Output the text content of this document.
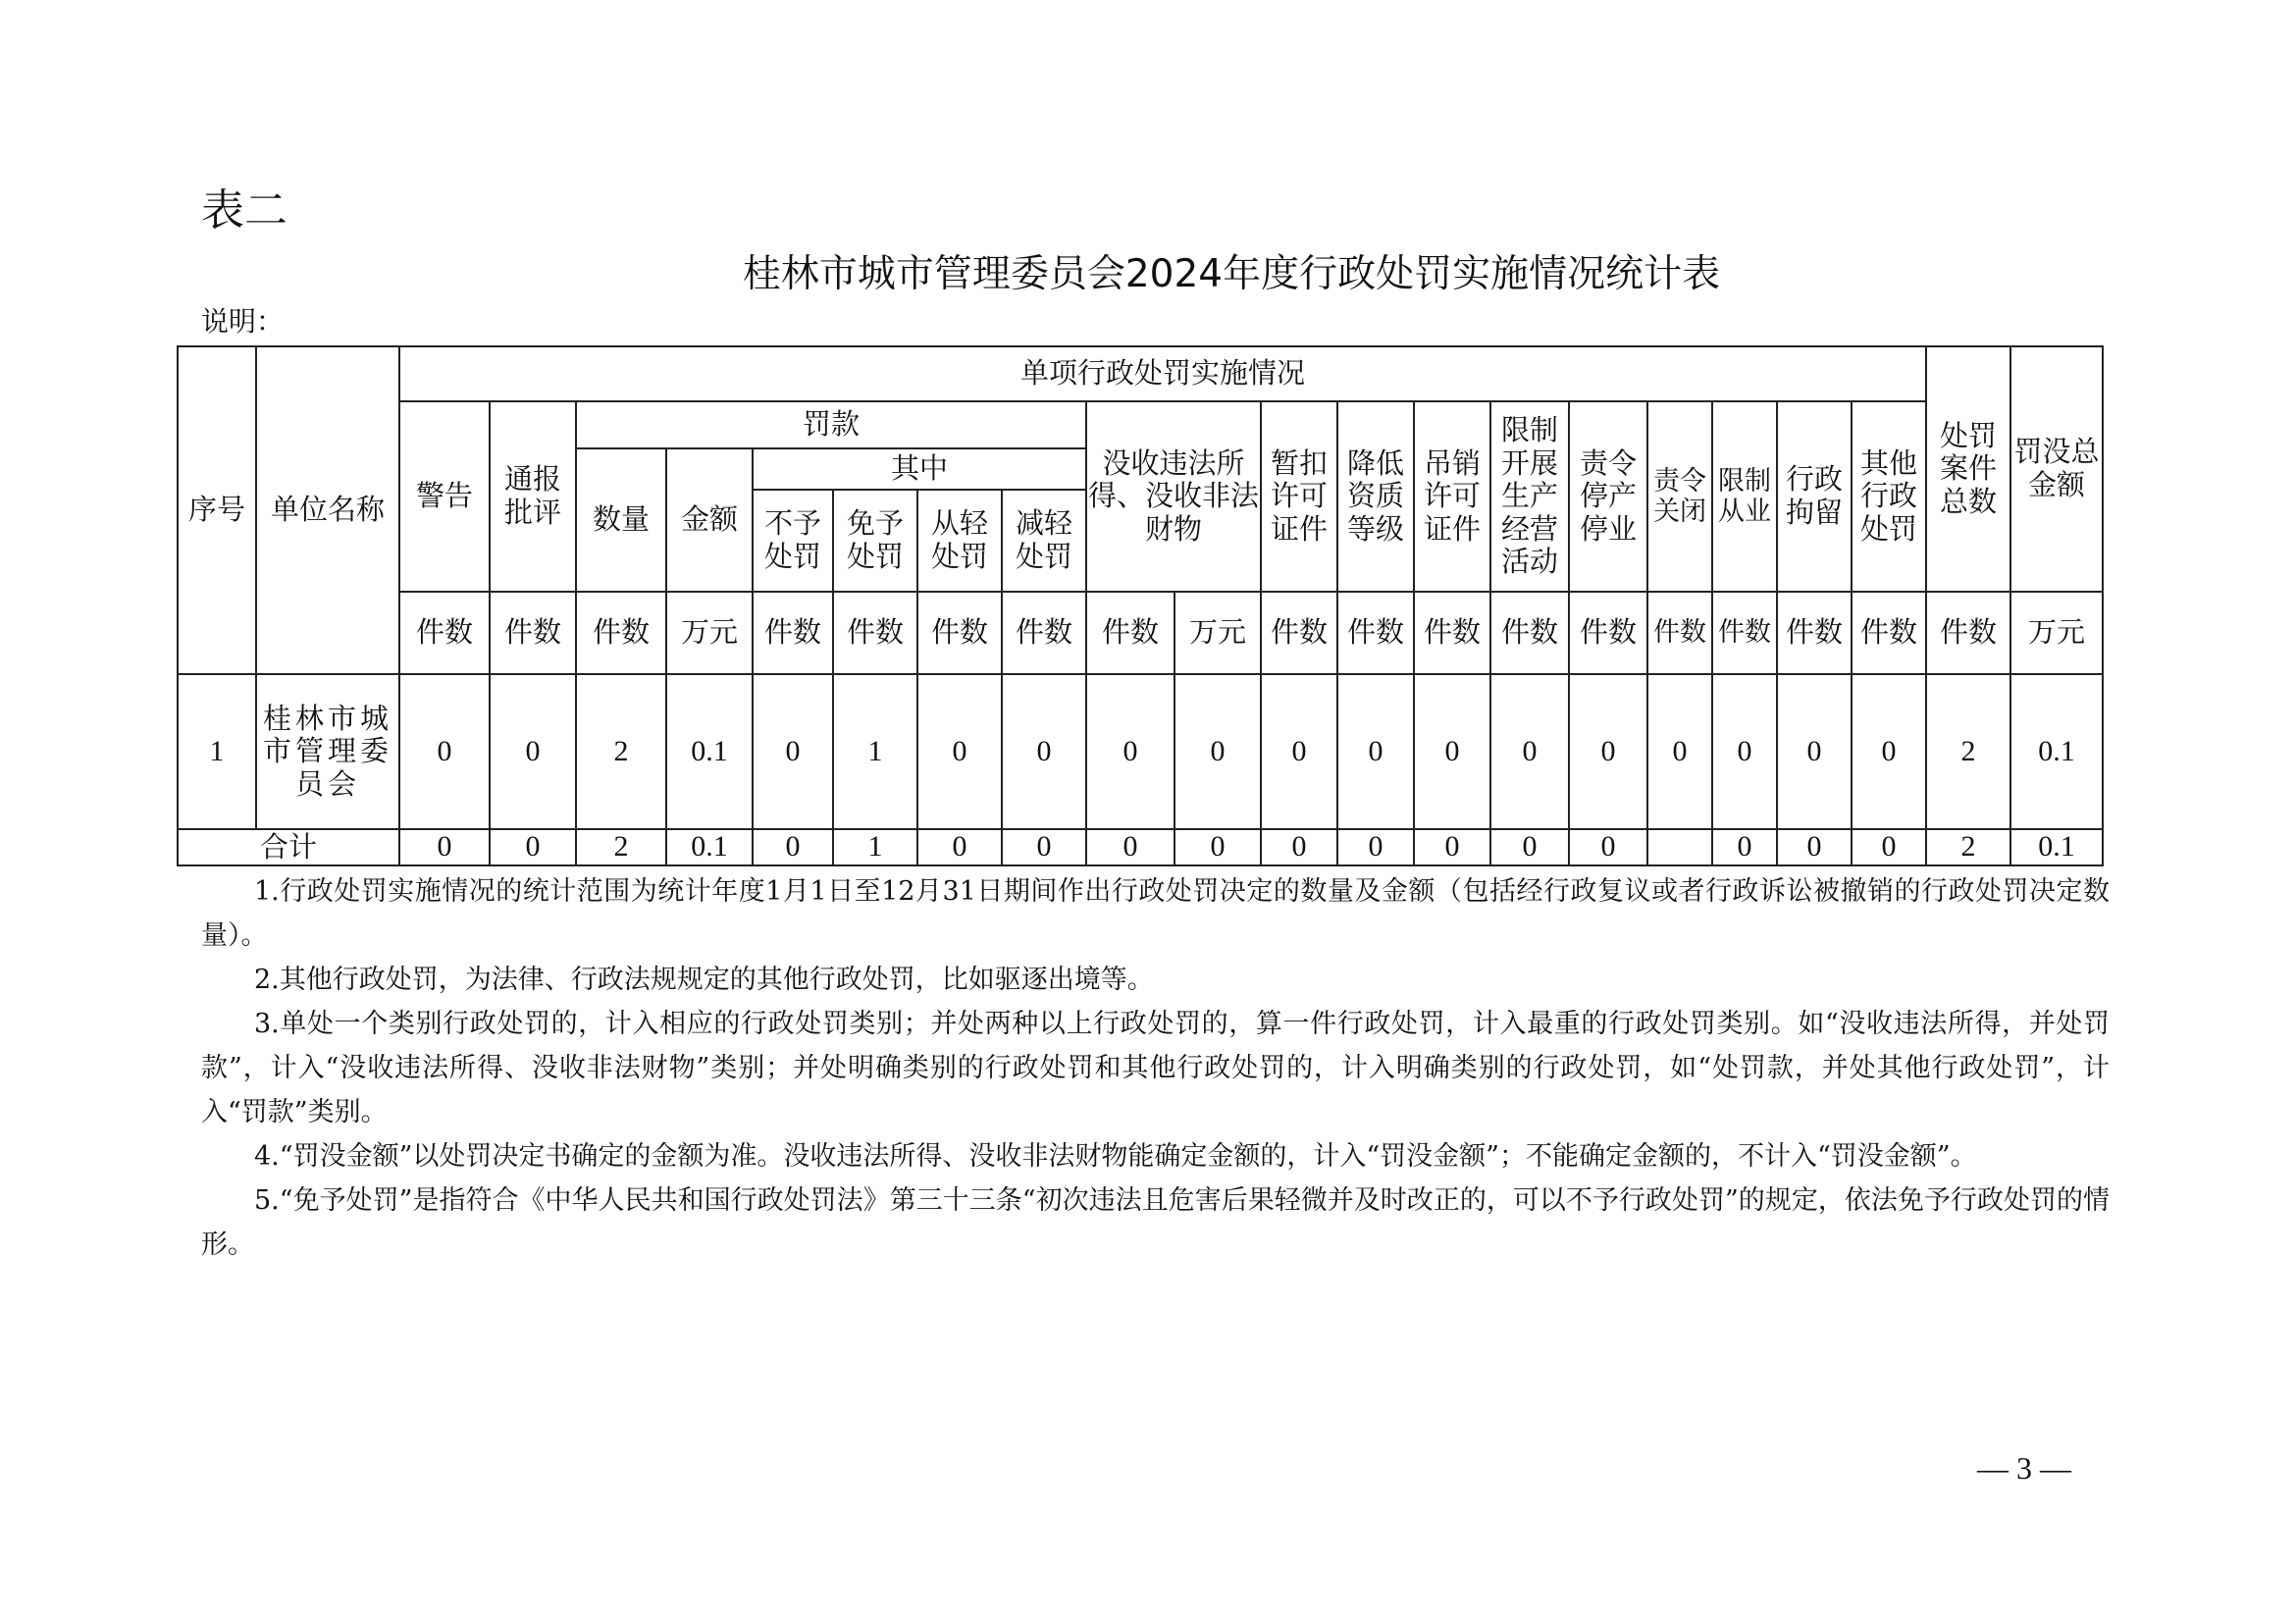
表二
桂林市城市管理委员会2024年度行政处罚实施情况统计表
说明：
序号	单位名称	单项行政处罚实施情况																			处罚案件总数	罚没总金额
		警告	通报批评	罚款						没收违法所得、没收非法财物		暂扣许可证件	降低资质等级	吊销许可证件	限制开展生产经营活动	责令停产停业	责令关闭	限制从业	行政拘留	其他行政处罚		
				数量	金额	其中																
						不予处罚	免予处罚	从轻处罚	减轻处罚													
		件数	件数	件数	万元	件数	件数	件数	件数	件数	万元	件数	件数	件数	件数	件数	件数	件数	件数	件数	件数	万元
1	桂林市城市管理委员会	0	0	2	0.1	0	1	0	0	0	0	0	0	0	0	0	0	0	0	0	2	0.1
合计		0	0	2	0.1	0	1	0	0	0	0	0	0	0	0	0		0	0	0	2	0.1

1.行政处罚实施情况的统计范围为统计年度1月1日至12月31日期间作出行政处罚决定的数量及金额（包括经行政复议或者行政诉讼被撤销的行政处罚决定数量）。

2.其他行政处罚，为法律、行政法规规定的其他行政处罚，比如驱逐出境等。

3.单处一个类别行政处罚的，计入相应的行政处罚类别；并处两种以上行政处罚的，算一件行政处罚，计入最重的行政处罚类别。如“没收违法所得，并处罚款”，计入“没收违法所得、没收非法财物”类别；并处明确类别的行政处罚和其他行政处罚的，计入明确类别的行政处罚，如“处罚款，并处其他行政处罚”，计入“罚款”类别。

4.“罚没金额”以处罚决定书确定的金额为准。没收违法所得、没收非法财物能确定金额的，计入“罚没金额”；不能确定金额的，不计入“罚没金额”。

5.“免予处罚”是指符合《中华人民共和国行政处罚法》第三十三条“初次违法且危害后果轻微并及时改正的，可以不予行政处罚”的规定，依法免予行政处罚的情形。

— 3 —
